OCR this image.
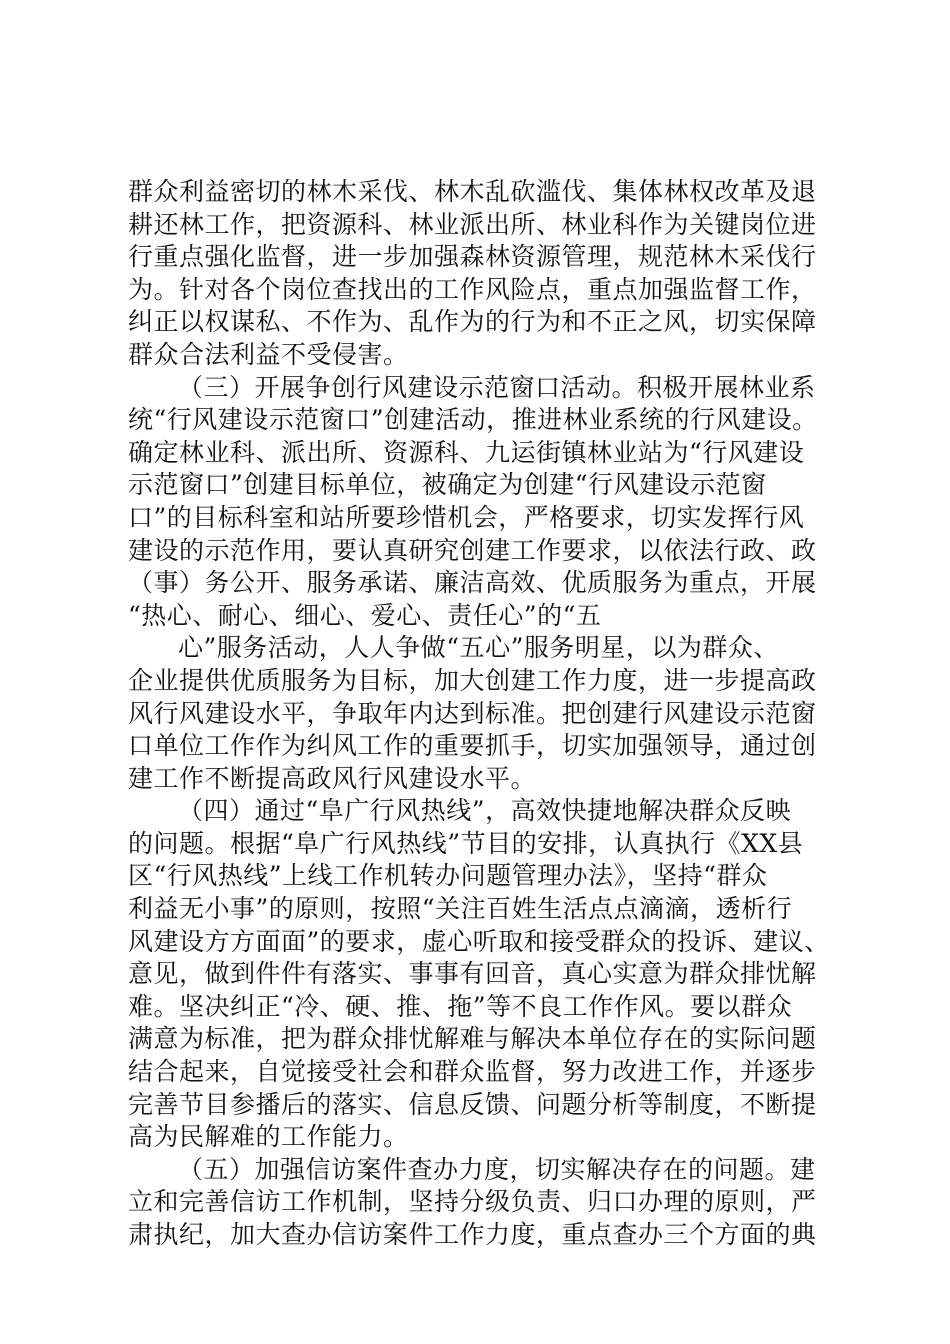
群众利益密切的林木采伐、林木乱砍滥伐、集体林权改革及退
耕还林工作，把资源科、林业派出所、林业科作为关键岗位进
行重点强化监督，进一步加强森林资源管理，规范林木采伐行
为。针对各个岗位查找出的工作风险点，重点加强监督工作，
纠正以权谋私、不作为、乱作为的行为和不正之风，切实保障
群众合法利益不受侵害。
（三）开展争创行风建设示范窗口活动。积极开展林业系
统“行风建设示范窗口”创建活动，推进林业系统的行风建设。
确定林业科、派出所、资源科、九运街镇林业站为“行风建设
示范窗口”创建目标单位，被确定为创建“行风建设示范窗
口”的目标科室和站所要珍惜机会，严格要求，切实发挥行风
建设的示范作用，要认真研究创建工作要求，以依法行政、政
（事）务公开、服务承诺、廉洁高效、优质服务为重点，开展
“热心、耐心、细心、爱心、责任心”的“五
心”服务活动，人人争做“五心”服务明星，以为群众、
企业提供优质服务为目标，加大创建工作力度，进一步提高政
风行风建设水平，争取年内达到标准。把创建行风建设示范窗
口单位工作作为纠风工作的重要抓手，切实加强领导，通过创
建工作不断提高政风行风建设水平。
（四）通过“阜广行风热线”，高效快捷地解决群众反映
的问题。根据“阜广行风热线”节目的安排，认真执行《XX县
区“行风热线”上线工作机转办问题管理办法》，坚持“群众
利益无小事”的原则，按照“关注百姓生活点点滴滴，透析行
风建设方方面面”的要求，虚心听取和接受群众的投诉、建议、
意见，做到件件有落实、事事有回音，真心实意为群众排忧解
难。坚决纠正“冷、硬、推、拖”等不良工作作风。要以群众
满意为标准，把为群众排忧解难与解决本单位存在的实际问题
结合起来，自觉接受社会和群众监督，努力改进工作，并逐步
完善节目参播后的落实、信息反馈、问题分析等制度，不断提
高为民解难的工作能力。
（五）加强信访案件查办力度，切实解决存在的问题。建
立和完善信访工作机制，坚持分级负责、归口办理的原则，严
肃执纪，加大查办信访案件工作力度，重点查办三个方面的典
